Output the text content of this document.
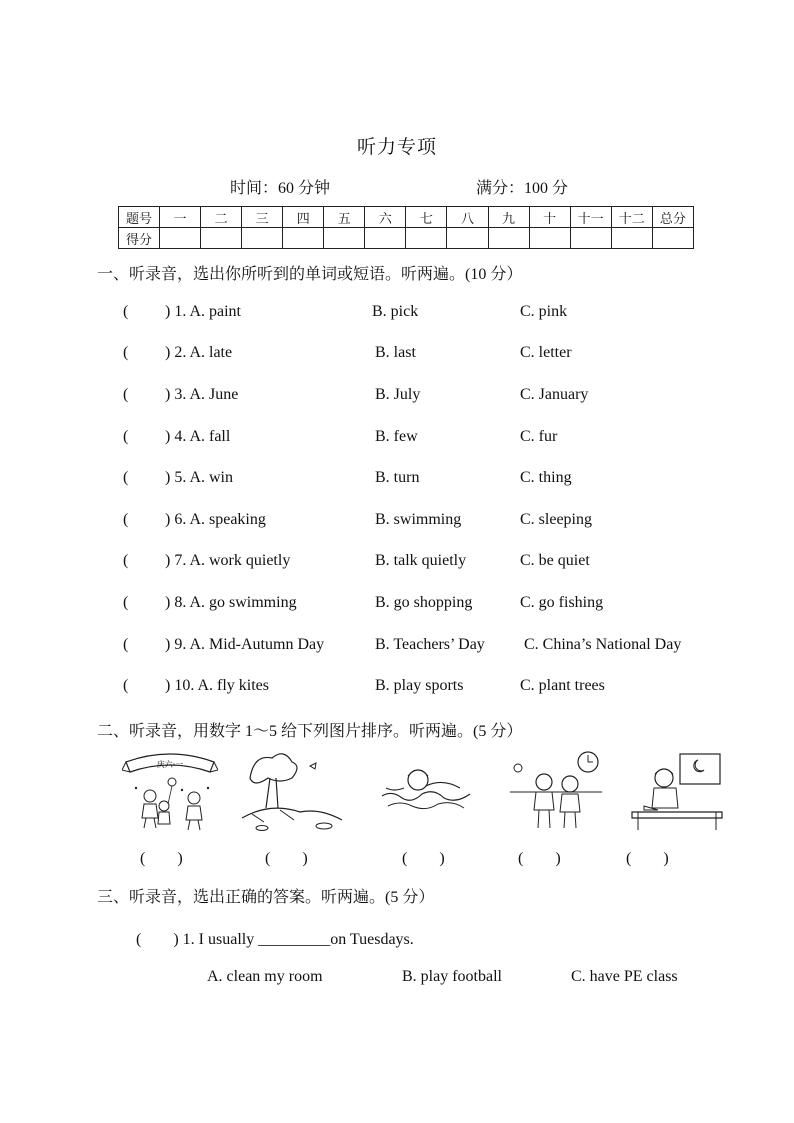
听力专项
时间：60 分钟	满分：100 分
题号	一	二	三	四	五	六	七	八	九	十	十一	十二	总分
得分													
一、听录音，选出你所听到的单词或短语。听两遍。(10 分）
( ) 1. A. paint	B. pick	C. pink
( ) 2. A. late	B. last	C. letter
( ) 3. A. June	B. July	C. January
( ) 4. A. fall	B. few	C. fur
( ) 5. A. win	B. turn	C. thing
( ) 6. A. speaking	B. swimming	C. sleeping
( ) 7. A. work quietly	B. talk quietly	C. be quiet
( ) 8. A. go swimming	B. go shopping	C. go fishing
( ) 9. A. Mid-Autumn Day	B. Teachers’ Day C. China’s National Day
( ) 10. A. fly kites	B. play sports	C. plant trees
二、听录音，用数字 1～5 给下列图片排序。听两遍。(5 分）
庆六·一
(　　)	(　　)	(　　)	(　　)	(　　)
三、听录音，选出正确的答案。听两遍。(5 分）
(　　) 1. I usually _________on Tuesdays.
A. clean my room	B. play football	C. have PE class
